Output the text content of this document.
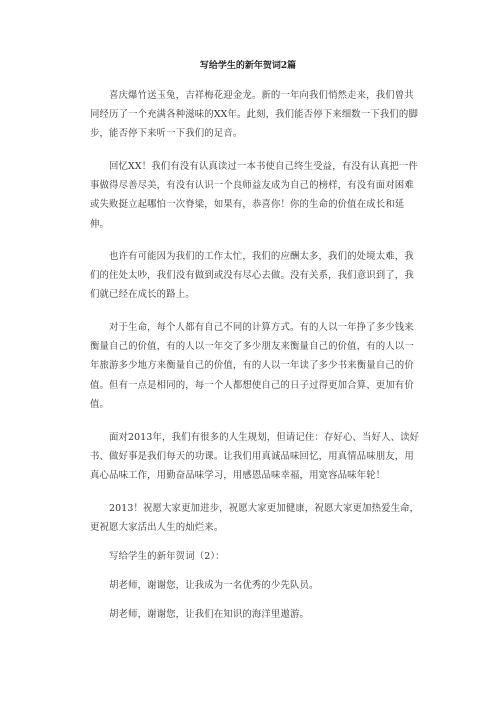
写给学生的新年贺词2篇

喜庆爆竹送玉兔，吉祥梅花迎金龙。新的一年向我们悄然走来，我们曾共同经历了一个充满各种滋味的XX年。此刻，我们能否停下来细数一下我们的脚步，能否停下来听一下我们的足音。

回忆XX！我们有没有认真读过一本书使自己终生受益，有没有认真把一件事做得尽善尽美，有没有认识一个良师益友成为自己的榜样，有没有面对困难或失败挺立起哪怕一次脊梁，如果有，恭喜你！你的生命的价值在成长和延伸。

也许有可能因为我们的工作太忙，我们的应酬太多，我们的处境太难，我们的住处太吵，我们没有做到或没有尽心去做。没有关系，我们意识到了，我们就已经在成长的路上。

对于生命，每个人都有自己不同的计算方式。有的人以一年挣了多少钱来衡量自己的价值，有的人以一年交了多少朋友来衡量自己的价值，有的人以一年旅游多少地方来衡量自己的价值，有的人以一年读了多少书来衡量自己的价值。但有一点是相同的，每一个人都想使自己的日子过得更加合算、更加有价值。

面对2013年，我们有很多的人生规划，但请记住：存好心、当好人、读好书、做好事是我们每天的功课。让我们用真诚品味回忆，用真情品味朋友，用真心品味工作，用勤奋品味学习，用感恩品味幸福，用宽容品味年轮！

2013！祝愿大家更加进步，祝愿大家更加健康，祝愿大家更加热爱生命，更祝愿大家活出人生的灿烂来。

写给学生的新年贺词（2）：

胡老师，谢谢您，让我成为一名优秀的少先队员。

胡老师，谢谢您，让我们在知识的海洋里遨游。
